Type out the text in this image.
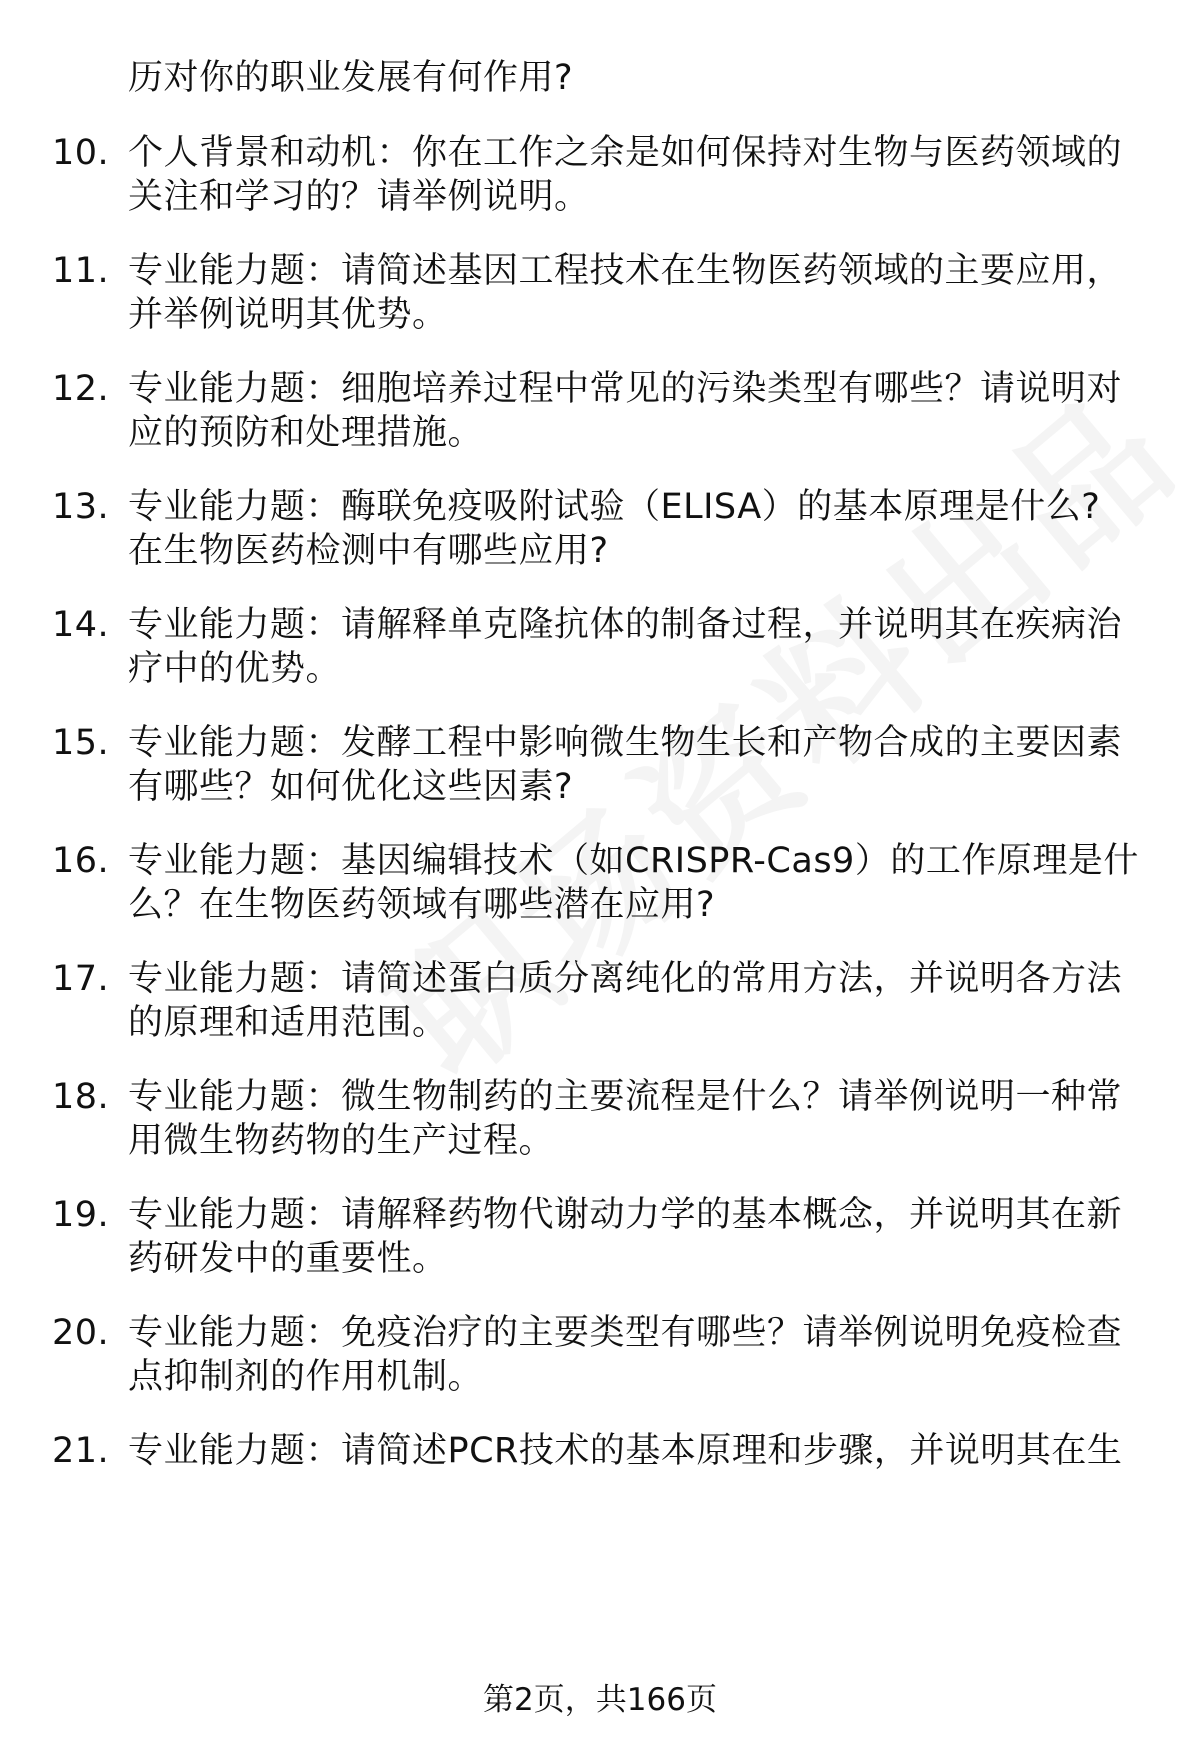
历对你的职业发展有何作用?
10. 个人背景和动机：你在工作之余是如何保持对生物与医药领域的
关注和学习的？请举例说明。
11. 专业能力题：请简述基因工程技术在生物医药领域的主要应用，
并举例说明其优势。
12. 专业能力题：细胞培养过程中常见的污染类型有哪些？请说明对
应的预防和处理措施。
13. 专业能力题：酶联免疫吸附试验（ELISA）的基本原理是什么?
在生物医药检测中有哪些应用?
14. 专业能力题：请解释单克隆抗体的制备过程，并说明其在疾病治
疗中的优势。
15. 专业能力题：发酵工程中影响微生物生长和产物合成的主要因素
有哪些？如何优化这些因素?
16. 专业能力题：基因编辑技术（如CRISPR-Cas9）的工作原理是什
么？在生物医药领域有哪些潜在应用?
17. 专业能力题：请简述蛋白质分离纯化的常用方法，并说明各方法
的原理和适用范围。
18. 专业能力题：微生物制药的主要流程是什么？请举例说明一种常
用微生物药物的生产过程。
19. 专业能力题：请解释药物代谢动力学的基本概念，并说明其在新
药研发中的重要性。
20. 专业能力题：免疫治疗的主要类型有哪些？请举例说明免疫检查
点抑制剂的作用机制。
21. 专业能力题：请简述PCR技术的基本原理和步骤，并说明其在生
第2页，共166页
